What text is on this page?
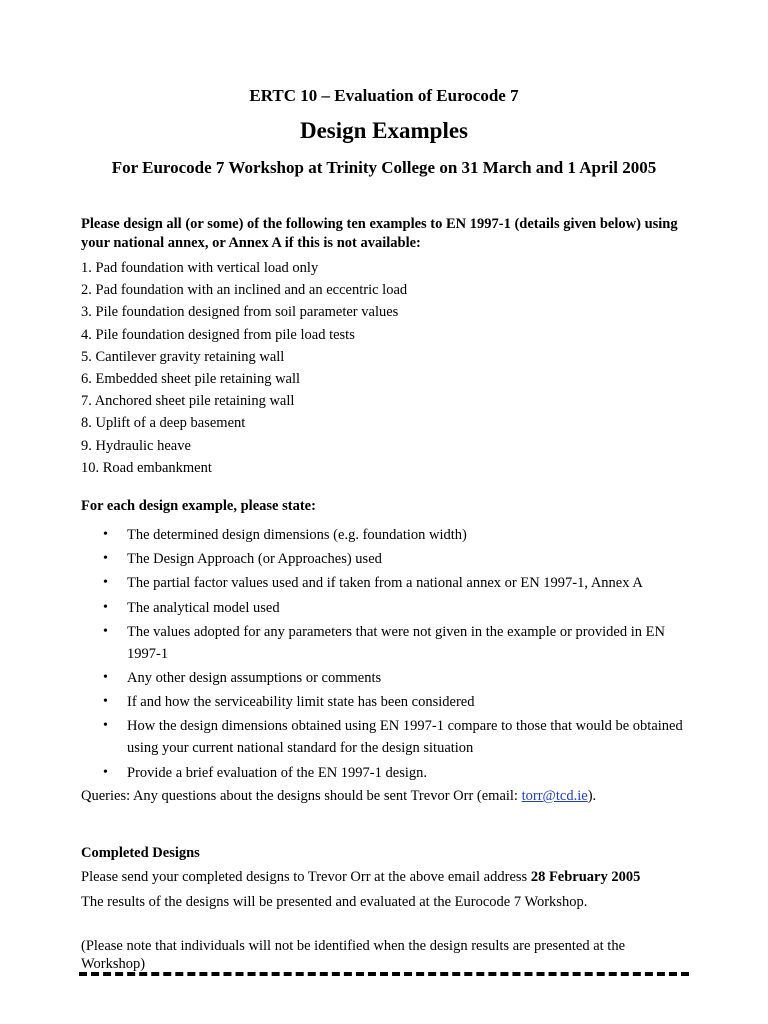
ERTC 10 – Evaluation of Eurocode 7
Design Examples
For Eurocode 7 Workshop at Trinity College on 31 March and 1 April 2005
Please design all (or some) of the following ten examples to EN 1997-1 (details given below) using your national annex, or Annex A if this is not available:
1. Pad foundation with vertical load only
2. Pad foundation with an inclined and an eccentric load
3. Pile foundation designed from soil parameter values
4. Pile foundation designed from pile load tests
5. Cantilever gravity retaining wall
6. Embedded sheet pile retaining wall
7. Anchored sheet pile retaining wall
8. Uplift of a deep basement
9. Hydraulic heave
10. Road embankment
For each design example, please state:
• The determined design dimensions (e.g. foundation width)
• The Design Approach (or Approaches) used
• The partial factor values used and if taken from a national annex or EN 1997-1, Annex A
• The analytical model used
• The values adopted for any parameters that were not given in the example or provided in EN 1997-1
• Any other design assumptions or comments
• If and how the serviceability limit state has been considered
• How the design dimensions obtained using EN 1997-1 compare to those that would be obtained using your current national standard for the design situation
• Provide a brief evaluation of the EN 1997-1 design.
Queries: Any questions about the designs should be sent Trevor Orr (email: torr@tcd.ie).
Completed Designs
Please send your completed designs to Trevor Orr at the above email address 28 February 2005
The results of the designs will be presented and evaluated at the Eurocode 7 Workshop.
(Please note that individuals will not be identified when the design results are presented at the Workshop)
